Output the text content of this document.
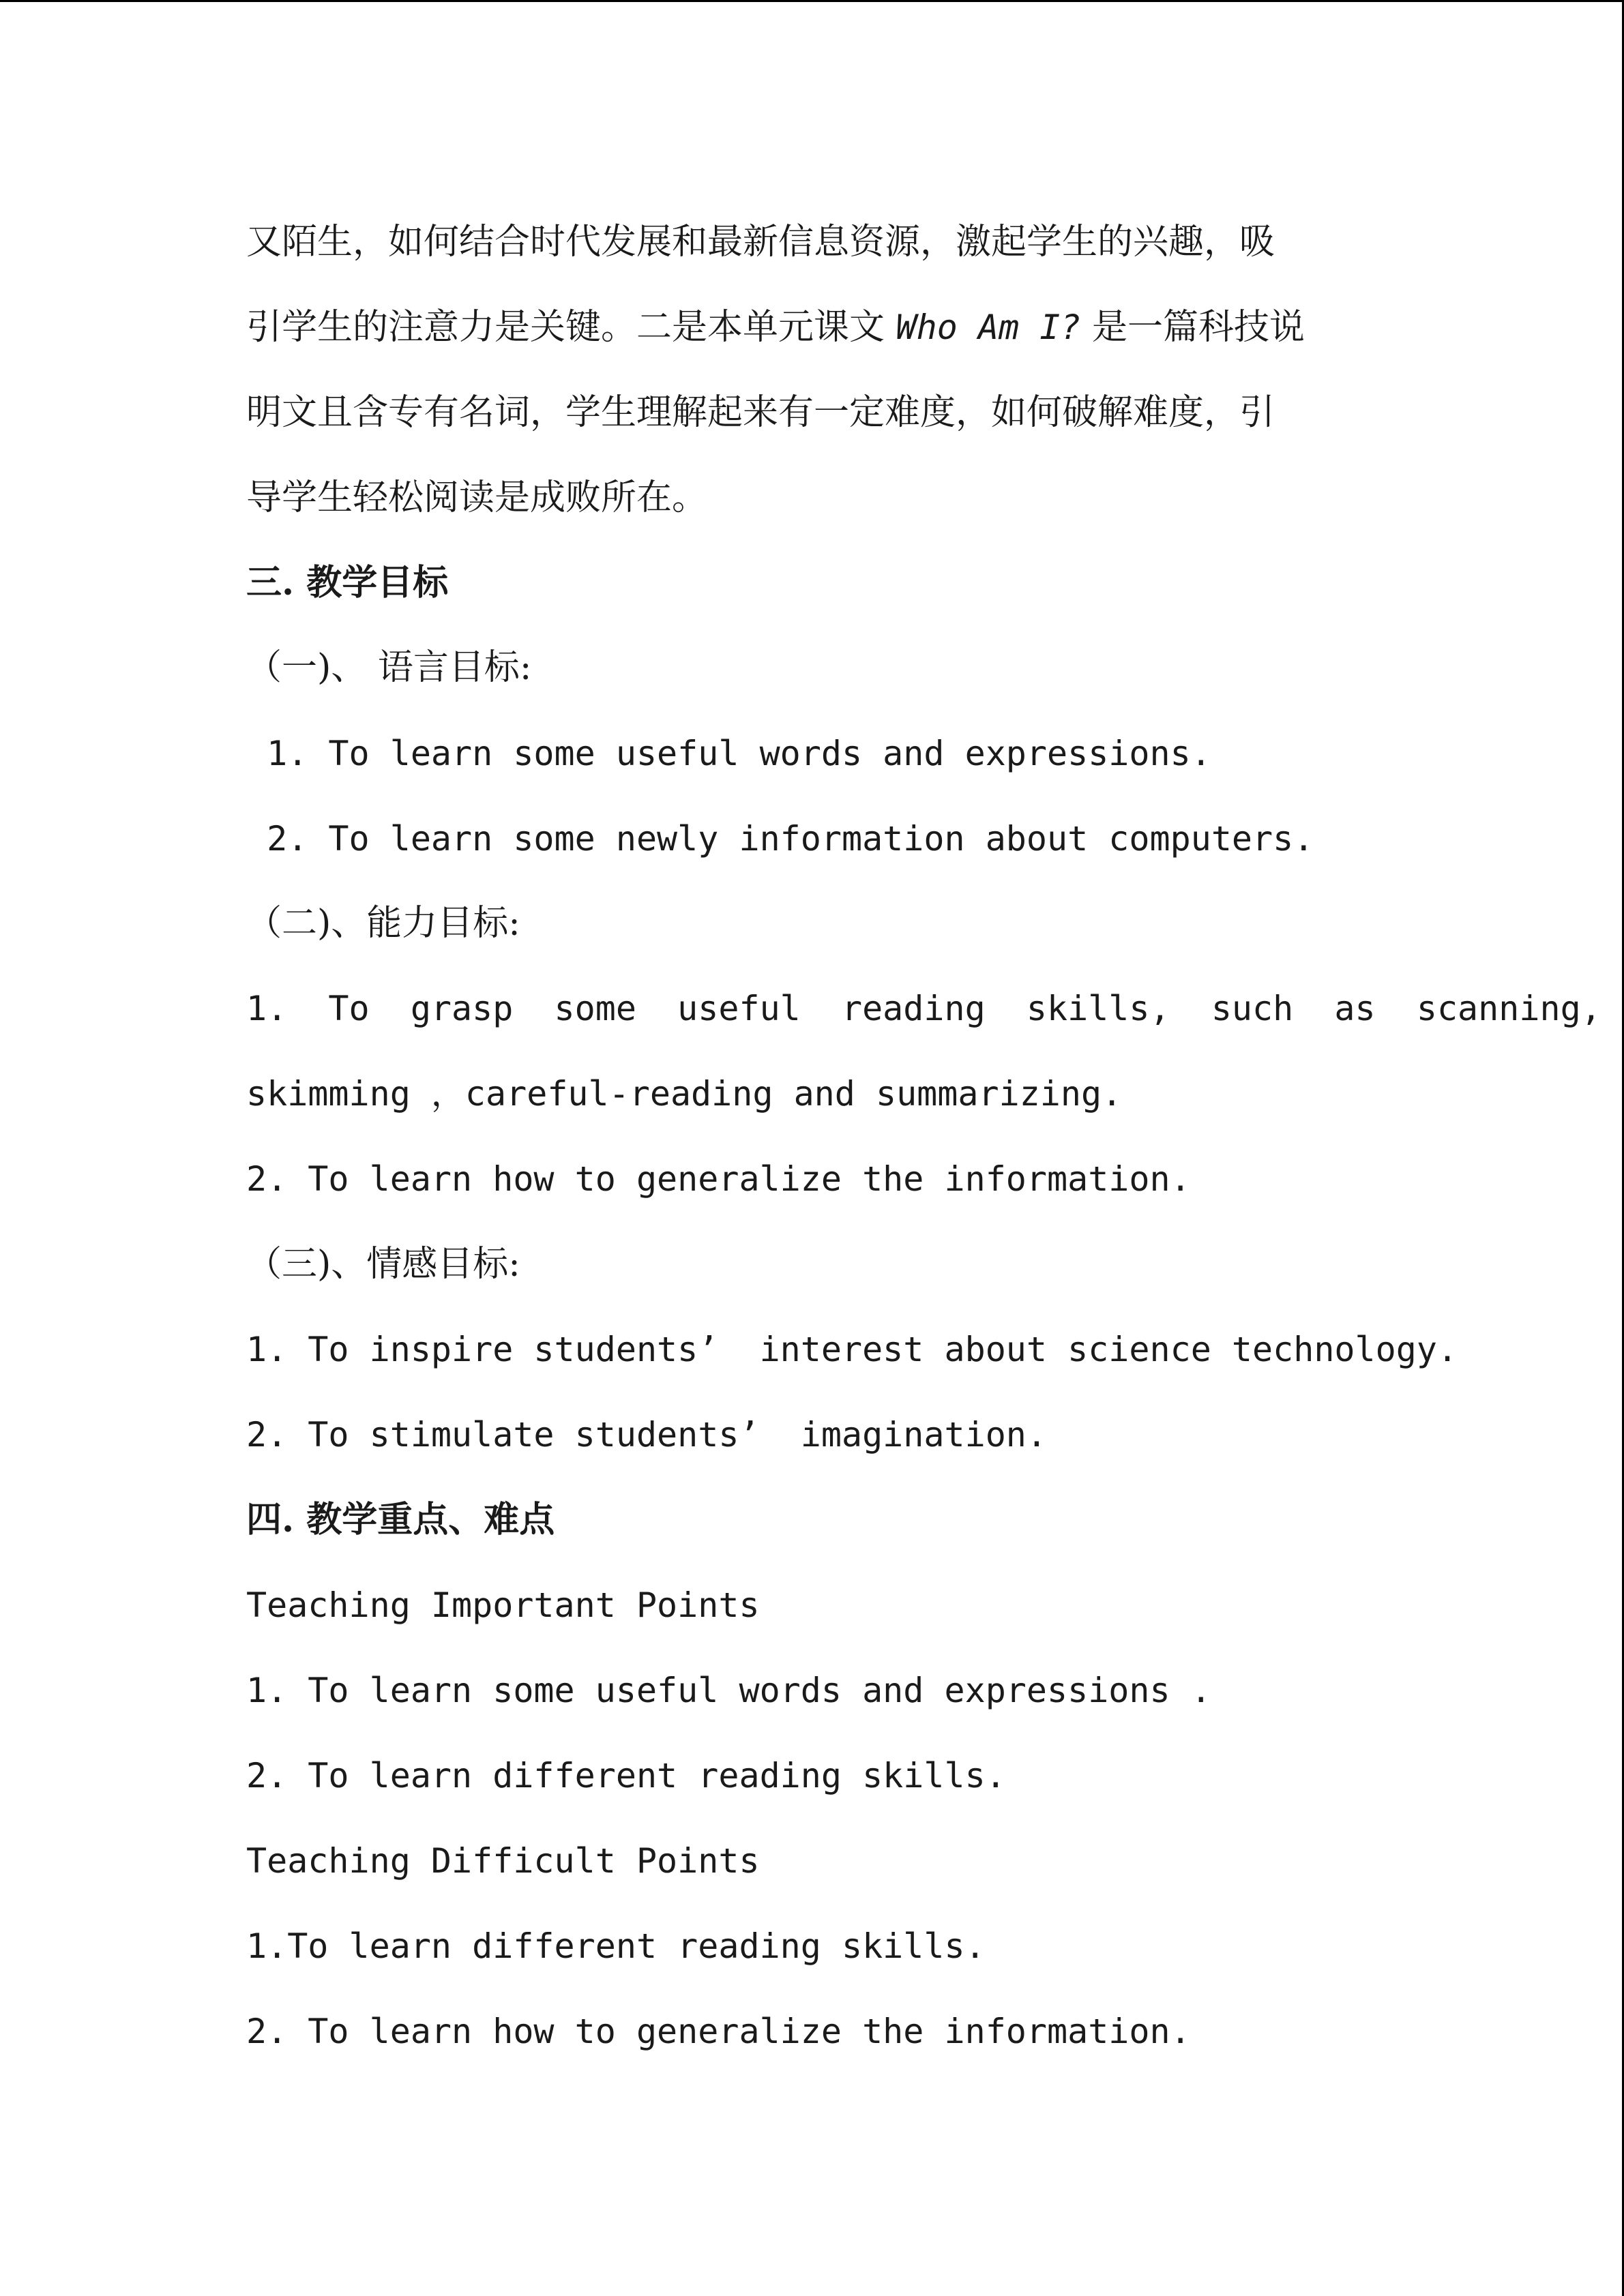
又陌生，如何结合时代发展和最新信息资源，激起学生的兴趣，吸
引学生的注意力是关键。二是本单元课文 Who Am I? 是一篇科技说
明文且含专有名词，学生理解起来有一定难度，如何破解难度，引
导学生轻松阅读是成败所在。
三. 教学目标
（一)、 语言目标:
1. To learn some useful words and expressions.
2. To learn some newly information about computers.
（二)、能力目标:
1.  To  grasp  some  useful  reading  skills,  such  as  scanning,
skimming ，careful-reading and summarizing.
2. To learn how to generalize the information.
（三)、情感目标:
1. To inspire students’  interest about science technology.
2. To stimulate students’  imagination.
四. 教学重点、难点
Teaching Important Points
1. To learn some useful words and expressions .
2. To learn different reading skills.
Teaching Difficult Points
1.To learn different reading skills.
2. To learn how to generalize the information.
